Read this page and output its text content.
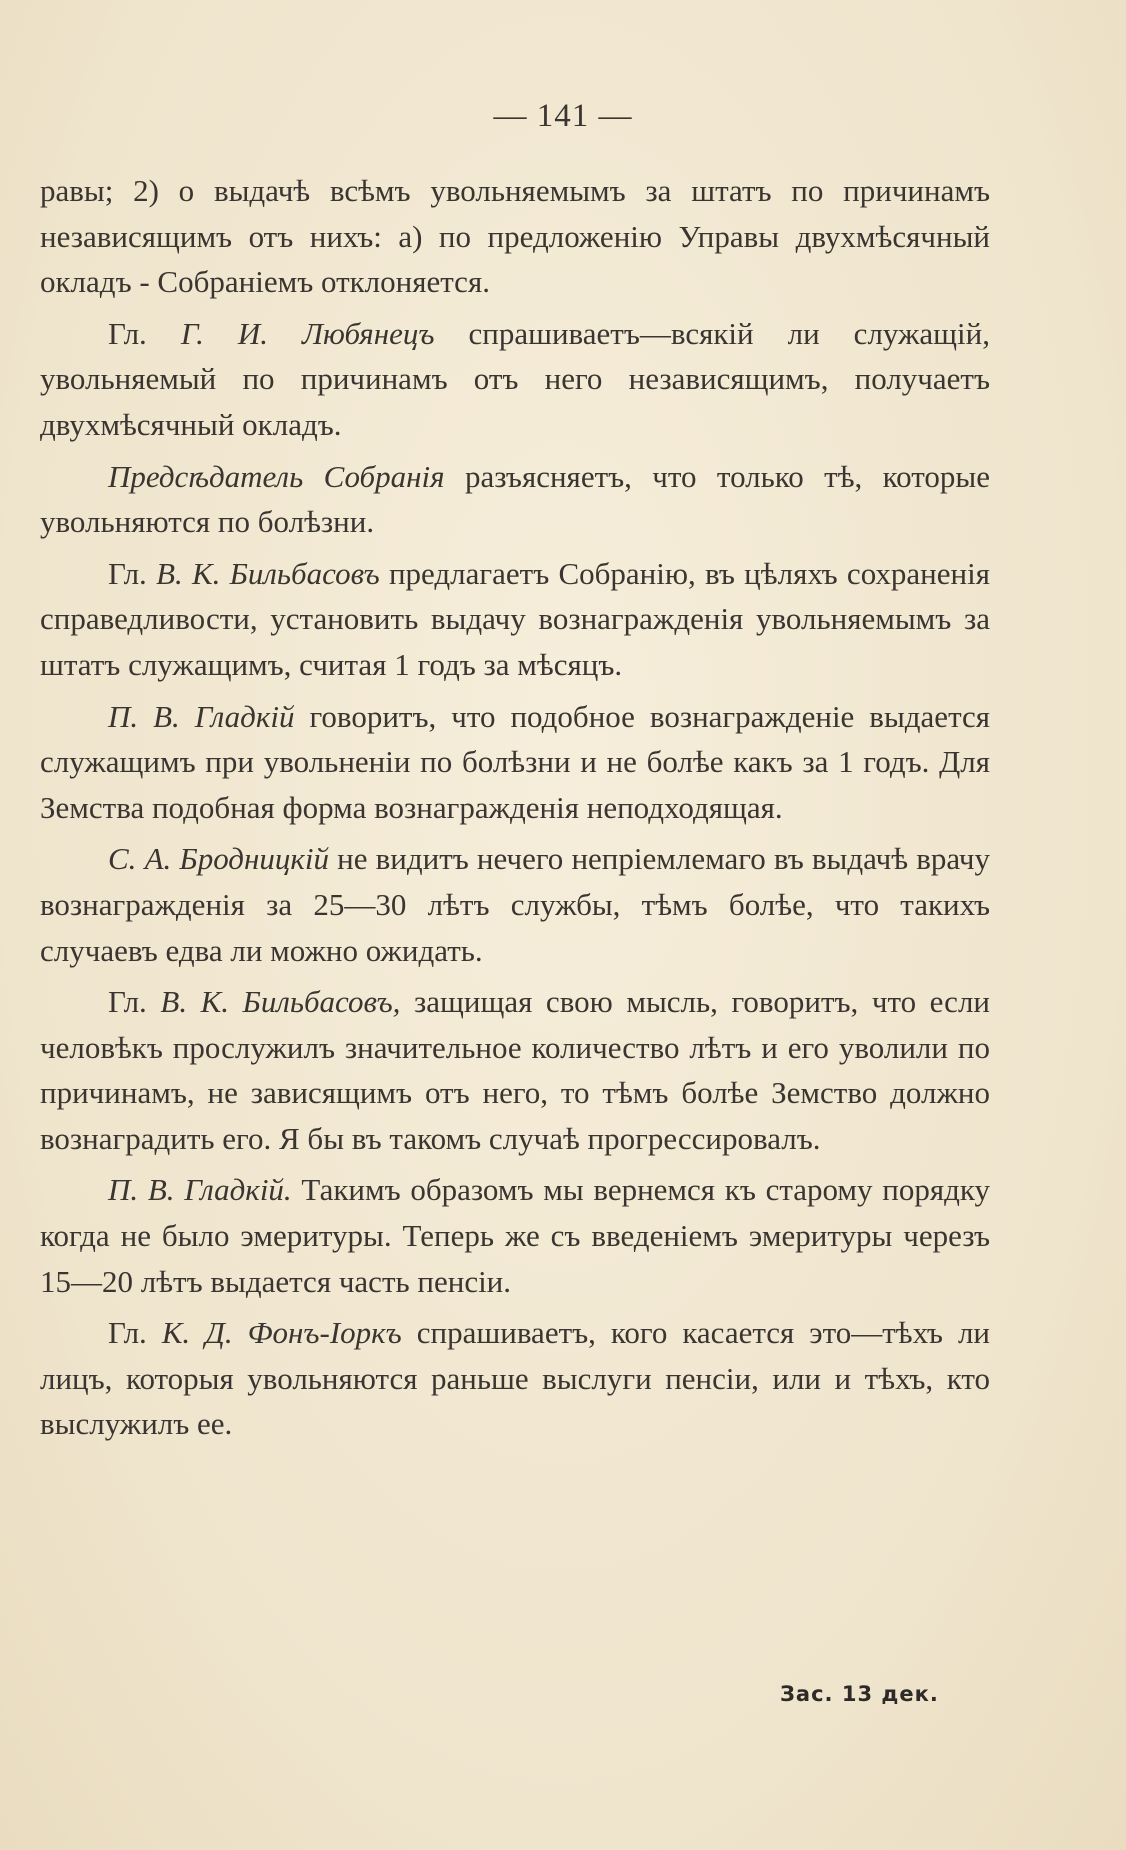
— 141 —

равы; 2) о выдачѣ всѣмъ увольняемымъ за штатъ по причинамъ независящимъ отъ нихъ: а) по предложенію Управы двухмѣсячный окладъ - Собраніемъ отклоняется.

Гл. Г. И. Любянецъ спрашиваетъ—всякій ли служащій, увольняемый по причинамъ отъ него независящимъ, получаетъ двухмѣсячный окладъ.

Предсѣдатель Собранія разъясняетъ, что только тѣ, которые увольняются по болѣзни.

Гл. В. К. Бильбасовъ предлагаетъ Собранію, въ цѣляхъ сохраненія справедливости, установить выдачу вознагражденія увольняемымъ за штатъ служащимъ, считая 1 годъ за мѣсяцъ.

П. В. Гладкій говоритъ, что подобное вознагражденіе выдается служащимъ при увольненіи по болѣзни и не болѣе какъ за 1 годъ. Для Земства подобная форма вознагражденія неподходящая.

С. А. Бродницкій не видитъ нечего непріемлемаго въ выдачѣ врачу вознагражденія за 25—30 лѣтъ службы, тѣмъ болѣе, что такихъ случаевъ едва ли можно ожидать.

Гл. В. К. Бильбасовъ, защищая свою мысль, говоритъ, что если человѣкъ прослужилъ значительное количество лѣтъ и его уволили по причинамъ, не зависящимъ отъ него, то тѣмъ болѣе Земство должно вознаградить его. Я бы въ такомъ случаѣ прогрессировалъ.

П. В. Гладкій. Такимъ образомъ мы вернемся къ старому порядку когда не было эмеритуры. Теперь же съ введеніемъ эмеритуры черезъ 15—20 лѣтъ выдается часть пенсіи.

Гл. К. Д. Фонъ-Іоркъ спрашиваетъ, кого касается это—тѣхъ ли лицъ, которыя увольняются раньше выслуги пенсіи, или и тѣхъ, кто выслужилъ ее.

Зас. 13 дек.
